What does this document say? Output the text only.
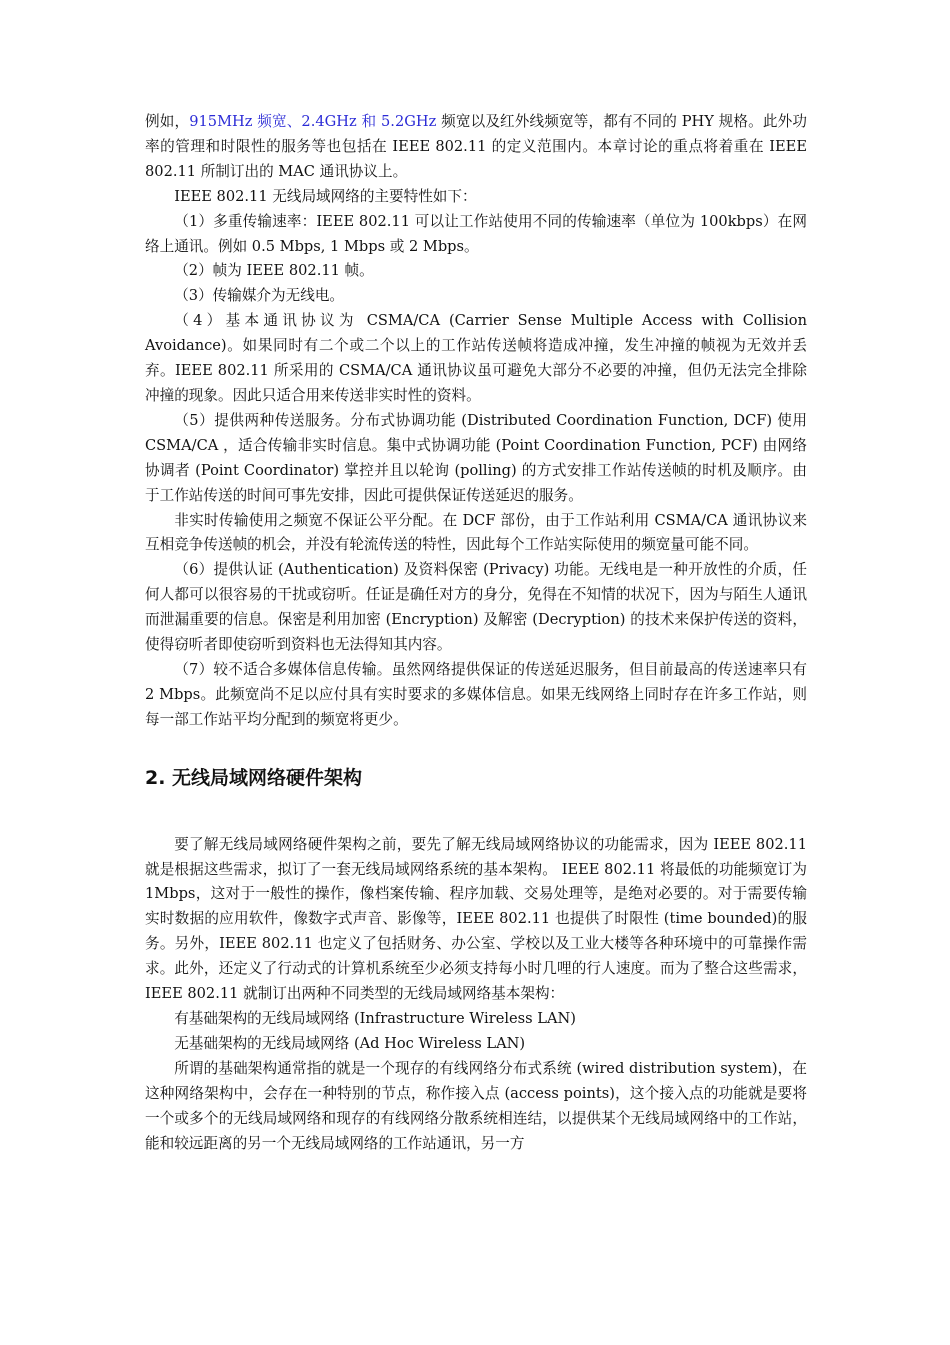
例如，915MHz 频宽、2.4GHz 和 5.2GHz 频宽以及红外线频宽等，都有不同的 PHY 规格。此外功率的管理和时限性的服务等也包括在 IEEE 802.11 的定义范围内。本章讨论的重点将着重在 IEEE 802.11 所制订出的 MAC 通讯协议上。

IEEE 802.11 无线局域网络的主要特性如下：

（1）多重传输速率：IEEE 802.11 可以让工作站使用不同的传输速率（单位为 100kbps）在网络上通讯。例如 0.5 Mbps, 1 Mbps 或 2 Mbps。

（2）帧为 IEEE 802.11 帧。

（3）传输媒介为无线电。

（4）基本通讯协议为 CSMA/CA (Carrier Sense Multiple Access with Collision Avoidance)。如果同时有二个或二个以上的工作站传送帧将造成冲撞，发生冲撞的帧视为无效并丢弃。IEEE 802.11 所采用的 CSMA/CA 通讯协议虽可避免大部分不必要的冲撞，但仍无法完全排除冲撞的现象。因此只适合用来传送非实时性的资料。

（5）提供两种传送服务。分布式协调功能 (Distributed Coordination Function, DCF) 使用 CSMA/CA ，适合传输非实时信息。集中式协调功能 (Point Coordination Function, PCF) 由网络协调者 (Point Coordinator) 掌控并且以轮询 (polling) 的方式安排工作站传送帧的时机及顺序。由于工作站传送的时间可事先安排，因此可提供保证传送延迟的服务。

非实时传输使用之频宽不保证公平分配。在 DCF 部份，由于工作站利用 CSMA/CA 通讯协议来互相竞争传送帧的机会，并没有轮流传送的特性，因此每个工作站实际使用的频宽量可能不同。

（6）提供认证 (Authentication) 及资料保密 (Privacy) 功能。无线电是一种开放性的介质，任何人都可以很容易的干扰或窃听。任证是确任对方的身分，免得在不知情的状况下，因为与陌生人通讯而泄漏重要的信息。保密是利用加密 (Encryption) 及解密 (Decryption) 的技术来保护传送的资料，使得窃听者即使窃听到资料也无法得知其内容。

（7）较不适合多媒体信息传输。虽然网络提供保证的传送延迟服务，但目前最高的传送速率只有 2 Mbps。此频宽尚不足以应付具有实时要求的多媒体信息。如果无线网络上同时存在许多工作站，则每一部工作站平均分配到的频宽将更少。

2. 无线局域网络硬件架构

要了解无线局域网络硬件架构之前，要先了解无线局域网络协议的功能需求，因为 IEEE 802.11 就是根据这些需求，拟订了一套无线局域网络系统的基本架构。 IEEE 802.11 将最低的功能频宽订为 1Mbps，这对于一般性的操作，像档案传输、程序加载、交易处理等，是绝对必要的。对于需要传输实时数据的应用软件，像数字式声音、影像等，IEEE 802.11 也提供了时限性 (time bounded)的服务。另外，IEEE 802.11 也定义了包括财务、办公室、学校以及工业大楼等各种环境中的可靠操作需求。此外，还定义了行动式的计算机系统至少必须支持每小时几哩的行人速度。而为了整合这些需求，IEEE 802.11 就制订出两种不同类型的无线局域网络基本架构：

有基础架构的无线局域网络 (Infrastructure Wireless LAN)

无基础架构的无线局域网络 (Ad Hoc Wireless LAN)

所谓的基础架构通常指的就是一个现存的有线网络分布式系统 (wired distribution system)，在这种网络架构中，会存在一种特别的节点，称作接入点 (access points)，这个接入点的功能就是要将一个或多个的无线局域网络和现存的有线网络分散系统相连结，以提供某个无线局域网络中的工作站，能和较远距离的另一个无线局域网络的工作站通讯，另一方
